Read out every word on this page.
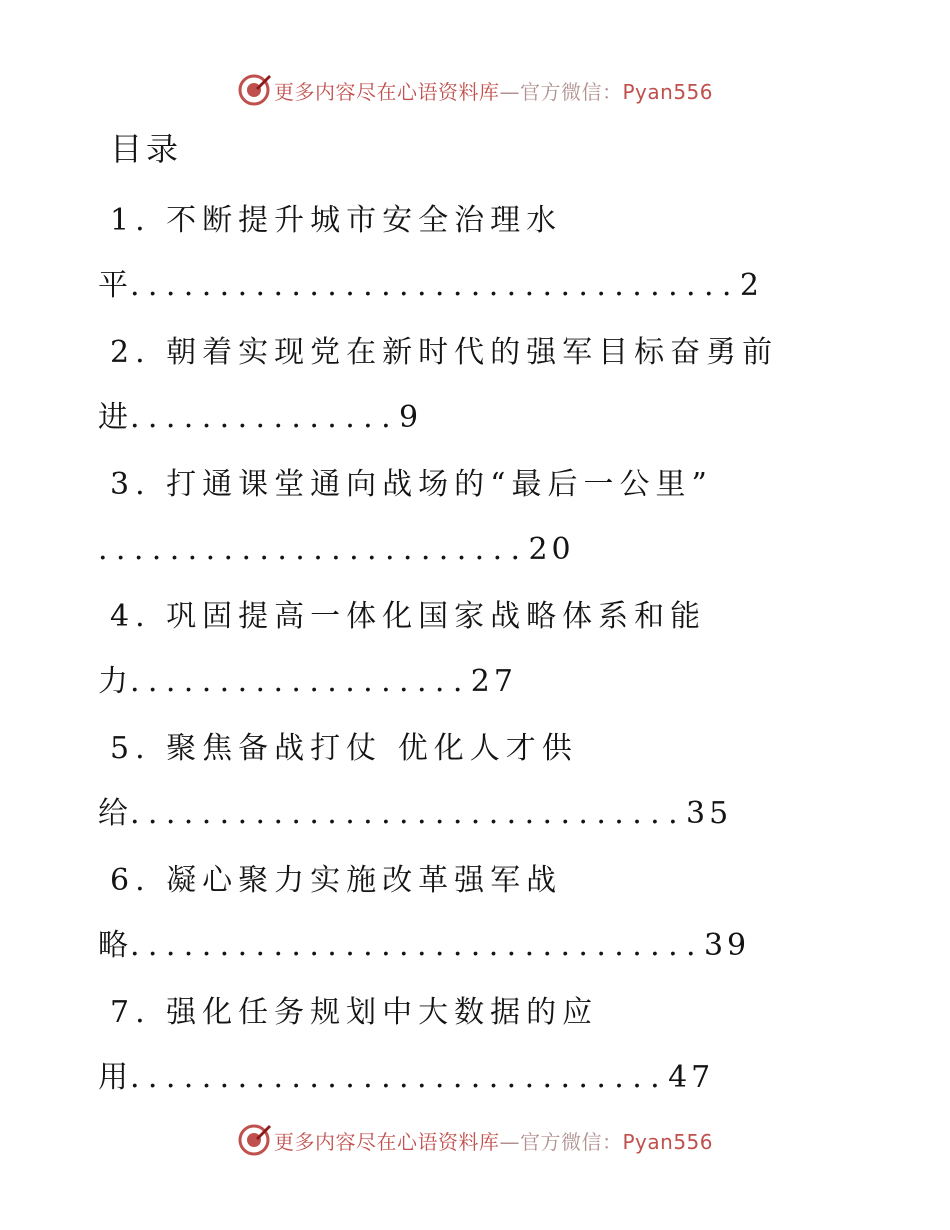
更多内容尽在心语资料库—官方微信：Pyan556
目录
1. 不断提升城市安全治理水
平 .................................. 2
2. 朝着实现党在新时代的强军目标奋勇前
进 ............... 9
3. 打通课堂通向战场的“最后一公里”
........................ 20
4. 巩固提高一体化国家战略体系和能
力 ................... 27
5. 聚焦备战打仗 优化人才供
给 ............................... 35
6. 凝心聚力实施改革强军战
略 ................................ 39
7. 强化任务规划中大数据的应
用 .............................. 47
更多内容尽在心语资料库—官方微信：Pyan556
